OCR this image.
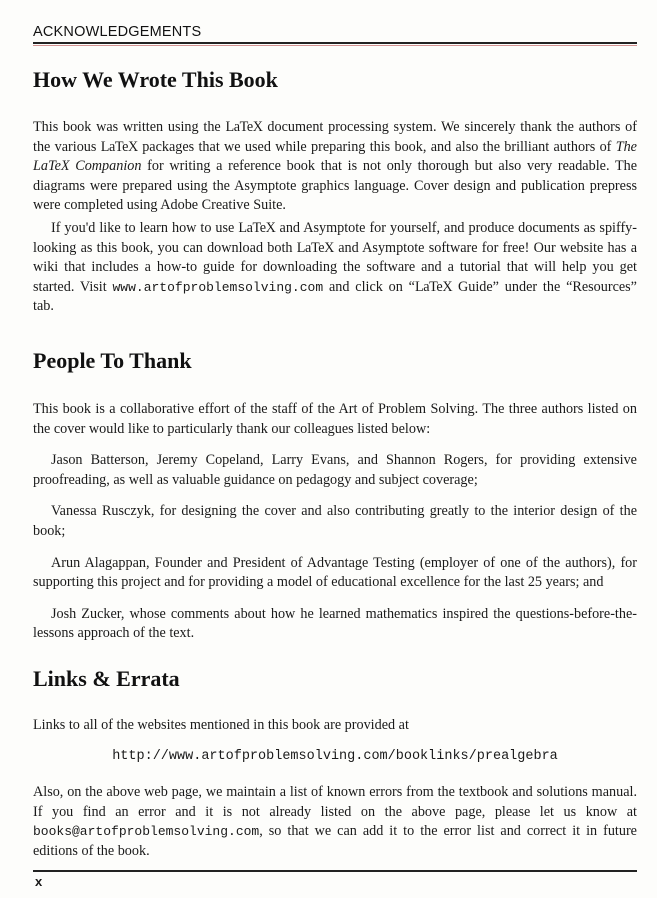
ACKNOWLEDGEMENTS
How We Wrote This Book

This book was written using the LaTeX document processing system. We sincerely thank the authors of the various LaTeX packages that we used while preparing this book, and also the brilliant authors of The LaTeX Companion for writing a reference book that is not only thorough but also very readable. The diagrams were prepared using the Asymptote graphics language. Cover design and publication prepress were completed using Adobe Creative Suite.

If you'd like to learn how to use LaTeX and Asymptote for yourself, and produce documents as spiffy-looking as this book, you can download both LaTeX and Asymptote software for free! Our website has a wiki that includes a how-to guide for downloading the software and a tutorial that will help you get started. Visit www.artofproblemsolving.com and click on “LaTeX Guide” under the “Resources” tab.

People To Thank

This book is a collaborative effort of the staff of the Art of Problem Solving. The three authors listed on the cover would like to particularly thank our colleagues listed below:

Jason Batterson, Jeremy Copeland, Larry Evans, and Shannon Rogers, for providing extensive proofreading, as well as valuable guidance on pedagogy and subject coverage;

Vanessa Rusczyk, for designing the cover and also contributing greatly to the interior design of the book;

Arun Alagappan, Founder and President of Advantage Testing (employer of one of the authors), for supporting this project and for providing a model of educational excellence for the last 25 years; and

Josh Zucker, whose comments about how he learned mathematics inspired the questions-before-the-lessons approach of the text.

Links & Errata

Links to all of the websites mentioned in this book are provided at

http://www.artofproblemsolving.com/booklinks/prealgebra

Also, on the above web page, we maintain a list of known errors from the textbook and solutions manual. If you find an error and it is not already listed on the above page, please let us know at books@artofproblemsolving.com, so that we can add it to the error list and correct it in future editions of the book.

x
